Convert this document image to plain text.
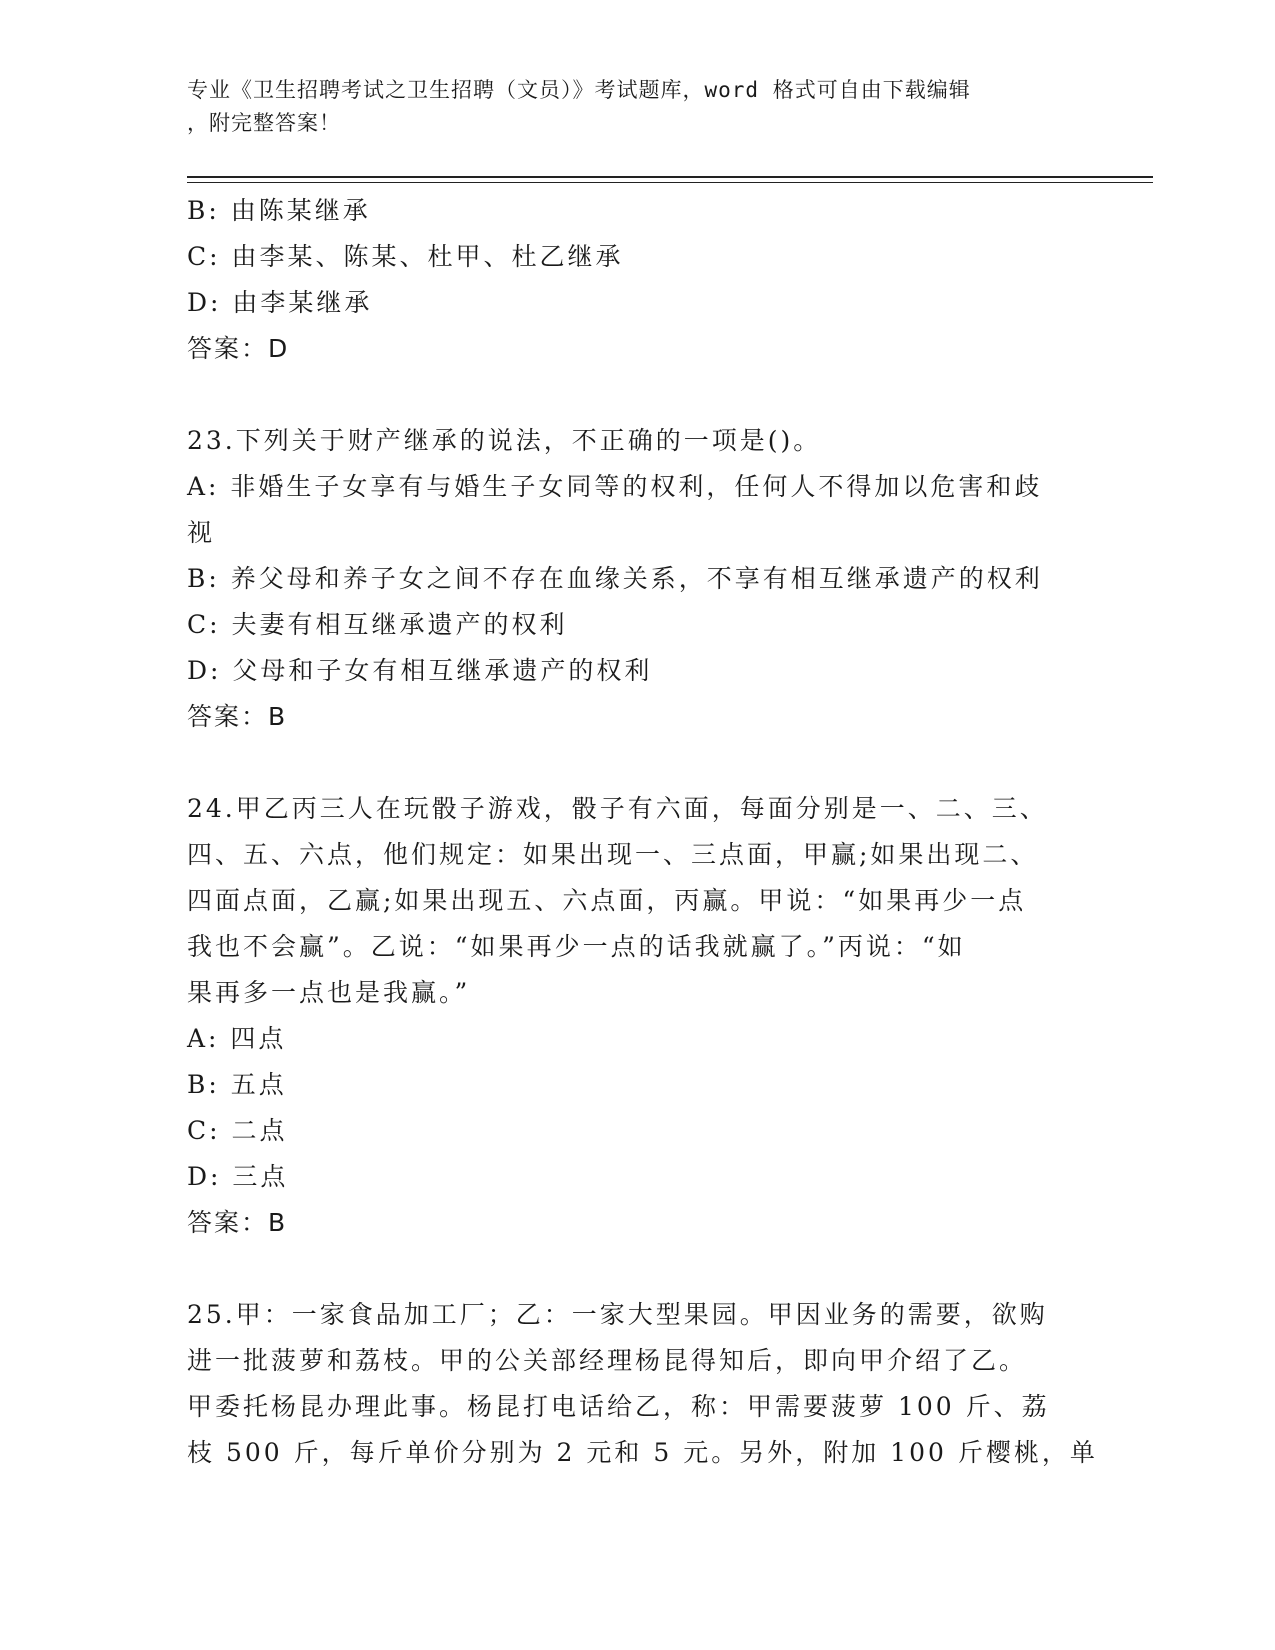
专业《卫生招聘考试之卫生招聘（文员）》考试题库，word 格式可自由下载编辑
，附完整答案！
B: 由陈某继承
C: 由李某、陈某、杜甲、杜乙继承
D: 由李某继承
答案：D
23.下列关于财产继承的说法，不正确的一项是()。
A: 非婚生子女享有与婚生子女同等的权利，任何人不得加以危害和歧
视
B: 养父母和养子女之间不存在血缘关系，不享有相互继承遗产的权利
C: 夫妻有相互继承遗产的权利
D: 父母和子女有相互继承遗产的权利
答案：B
24.甲乙丙三人在玩骰子游戏，骰子有六面，每面分别是一、二、三、
四、五、六点，他们规定：如果出现一、三点面，甲赢;如果出现二、
四面点面，乙赢;如果出现五、六点面，丙赢。甲说：“如果再少一点
我也不会赢”。乙说：“如果再少一点的话我就赢了。”丙说：“如
果再多一点也是我赢。”
A: 四点
B: 五点
C: 二点
D: 三点
答案：B
25.甲：一家食品加工厂；乙：一家大型果园。甲因业务的需要，欲购
进一批菠萝和荔枝。甲的公关部经理杨昆得知后，即向甲介绍了乙。
甲委托杨昆办理此事。杨昆打电话给乙，称：甲需要菠萝 100 斤、荔
枝 500 斤，每斤单价分别为 2 元和 5 元。另外，附加 100 斤樱桃，单
